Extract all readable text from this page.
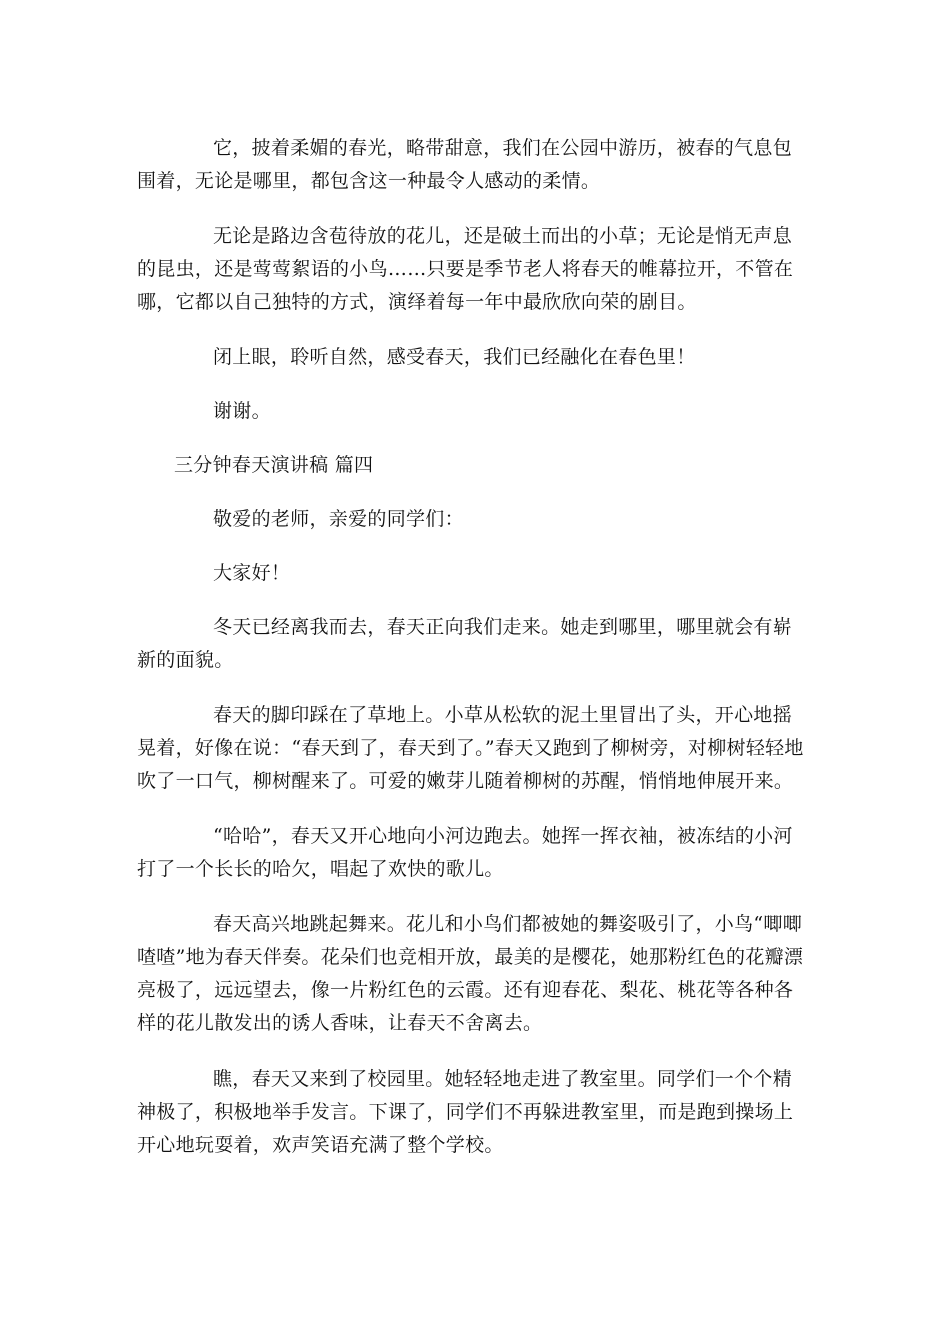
它，披着柔媚的春光，略带甜意，我们在公园中游历，被春的气息包围着，无论是哪里，都包含这一种最令人感动的柔情。

无论是路边含苞待放的花儿，还是破土而出的小草；无论是悄无声息的昆虫，还是莺莺絮语的小鸟……只要是季节老人将春天的帷幕拉开，不管在哪，它都以自己独特的方式，演绎着每一年中最欣欣向荣的剧目。

闭上眼，聆听自然，感受春天，我们已经融化在春色里！

谢谢。

三分钟春天演讲稿 篇四

敬爱的老师，亲爱的同学们：

大家好！

冬天已经离我而去，春天正向我们走来。她走到哪里，哪里就会有崭新的面貌。

春天的脚印踩在了草地上。小草从松软的泥土里冒出了头，开心地摇晃着，好像在说：“春天到了，春天到了。”春天又跑到了柳树旁，对柳树轻轻地吹了一口气，柳树醒来了。可爱的嫩芽儿随着柳树的苏醒，悄悄地伸展开来。

“哈哈”，春天又开心地向小河边跑去。她挥一挥衣袖，被冻结的小河打了一个长长的哈欠，唱起了欢快的歌儿。

春天高兴地跳起舞来。花儿和小鸟们都被她的舞姿吸引了，小鸟“唧唧喳喳”地为春天伴奏。花朵们也竞相开放，最美的是樱花，她那粉红色的花瓣漂亮极了，远远望去，像一片粉红色的云霞。还有迎春花、梨花、桃花等各种各样的花儿散发出的诱人香味，让春天不舍离去。

瞧，春天又来到了校园里。她轻轻地走进了教室里。同学们一个个精神极了，积极地举手发言。下课了，同学们不再躲进教室里，而是跑到操场上开心地玩耍着，欢声笑语充满了整个学校。
